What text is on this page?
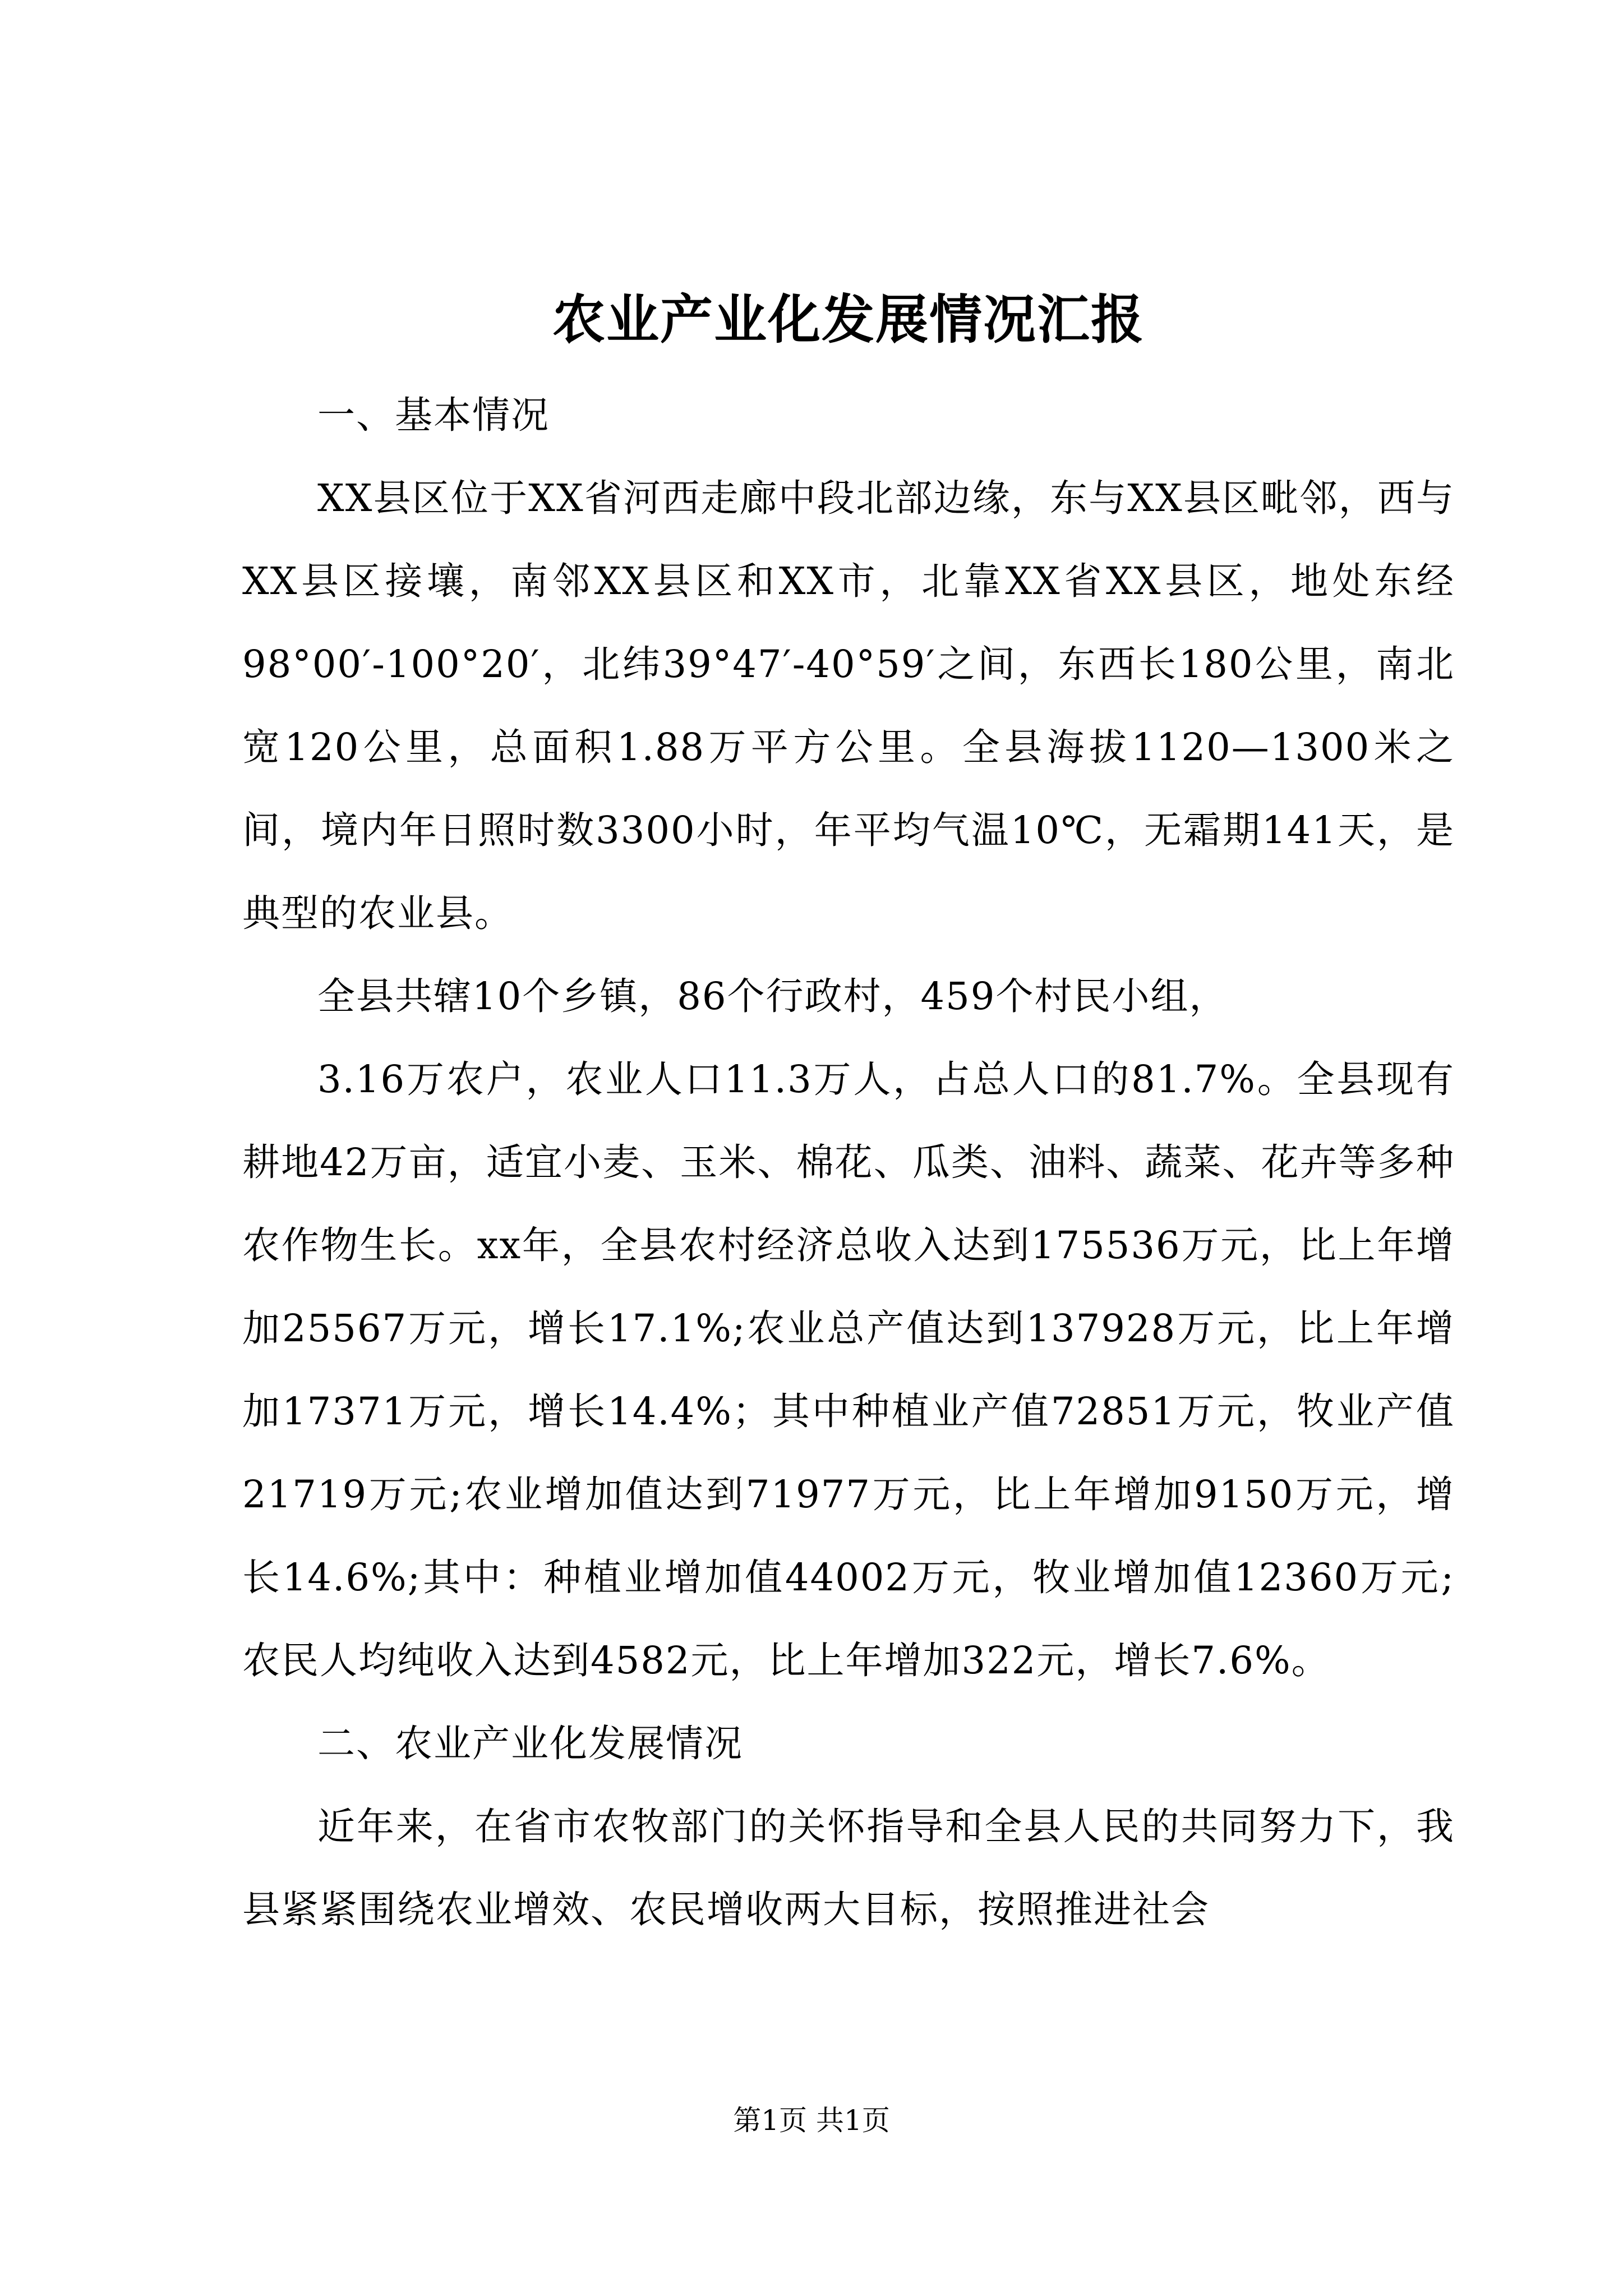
农业产业化发展情况汇报

一、基本情况

XX县区位于XX省河西走廊中段北部边缘，东与XX县区毗邻，西与XX县区接壤，南邻XX县区和XX市，北靠XX省XX县区，地处东经98°00′-100°20′，北纬39°47′-40°59′之间，东西长180公里，南北宽120公里，总面积1.88万平方公里。全县海拔1120—1300米之间，境内年日照时数3300小时，年平均气温10℃，无霜期141天，是典型的农业县。

全县共辖10个乡镇，86个行政村，459个村民小组，

3.16万农户，农业人口11.3万人，占总人口的81.7%。全县现有耕地42万亩，适宜小麦、玉米、棉花、瓜类、油料、蔬菜、花卉等多种农作物生长。xx年，全县农村经济总收入达到175536万元，比上年增加25567万元，增长17.1%;农业总产值达到137928万元，比上年增加17371万元，增长14.4%；其中种植业产值72851万元，牧业产值21719万元;农业增加值达到71977万元，比上年增加9150万元，增长14.6%;其中：种植业增加值44002万元，牧业增加值12360万元;农民人均纯收入达到4582元，比上年增加322元，增长7.6%。

二、农业产业化发展情况

近年来，在省市农牧部门的关怀指导和全县人民的共同努力下，我县紧紧围绕农业增效、农民增收两大目标，按照推进社会

第1页 共1页
